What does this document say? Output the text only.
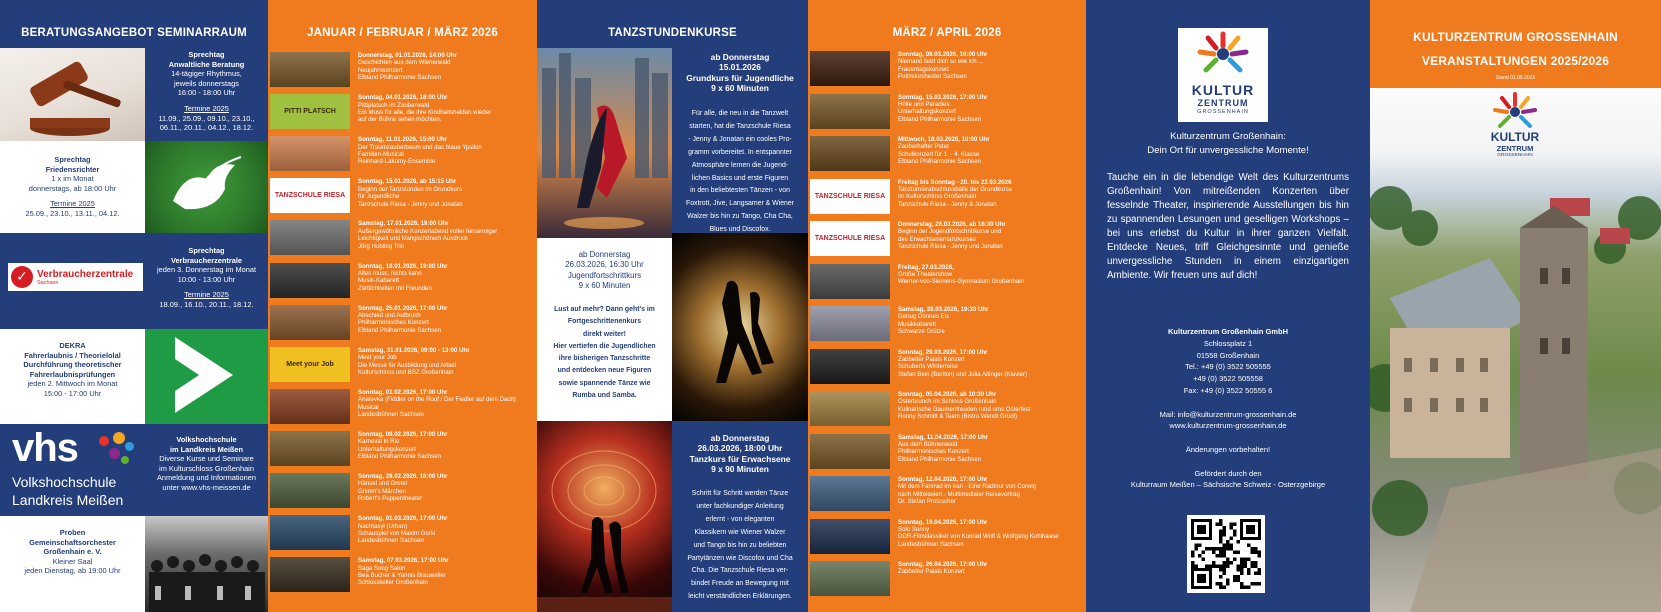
BERATUNGSANGEBOT SEMINARRAUM
Sprechtag
Anwaltliche Beratung
14-tägiger Rhythmus,
jeweils donnerstags
16:00 - 18:00 Uhr
Termine 2025
11.09., 25.09., 09.10., 23.10.,
06.11., 20.11., 04.12., 18.12.
Sprechtag
Friedensrichter
1 x im Monat
donnerstags, ab 18:00 Uhr
Termine 2025
25.09., 23.10., 13.11., 04.12.
✓ Verbraucherzentrale
Sachsen
Sprechtag
Verbraucherzentrale
jeden 3. Donnerstag im Monat
10:00 - 13:00 Uhr
Termine 2025
18.09., 16.10., 20.11., 18.12.
DEKRA
Fahrerlaubnis / Theorielolal
Durchführung theoretischer
Fahrerlaubnisprüfungen
jeden 2. Mittwoch im Monat
15:00 - 17:00 Uhr
vhs
Volkshochschule
Landkreis Meißen
Volkshochschule
im Landkreis Meißen
Diverse Kurse und Seminare
im Kulturschloss Großenhain
Anmeldung und Informationen
unter www.vhs-meissen.de
Proben
Gemeinschaftsorchester
Großenhain e. V.
Kleiner Saal
jeden Dienstag, ab 19:00 Uhr
JANUAR / FEBRUAR / MÄRZ 2026
Donnerstag, 01.01.2026, 14:00 Uhr
Geschichten aus dem Wienerwald
Neujahrskonzert
Elbland Philharmonie Sachsen
PITTI PLATSCH
Sonntag, 04.01.2026, 16:00 Uhr
Pittiplatsch im Zauberwald
Ein Muss für alle, die ihre Kindheitshelden wieder
auf der Bühne sehen möchten.
Sonntag, 11.01.2026, 15:00 Uhr
Der Traumzauberbaum und das blaue Ypsilon
Familien-Musical
Reinhard-Lakomy-Ensemble
TANZSCHULE RIESA
Sonntag, 15.01.2026, ab 15:15 Uhr
Beginn der Tanzstunden im Grundkurs
für Jugendliche
Tanzschule Riesa - Jenny und Jonatan
Samstag, 17.01.2026, 19:00 Uhr
Außergewöhnliche Konzertabend voller feinsinniger
Leichtigkeit und klangschönem Ausdruck
Jörg Hobling Trio
Sonntag, 18.01.2026, 19:00 Uhr
Alles muss, nichts kann
Musik-Kabarett
Zärtlichkeiten mit Freunden
Sonntag, 25.01.2026, 17:00 Uhr
Abschied und Aufbruch
Philharmonisches Konzert
Elbland Philharmonie Sachsen
Meet your Job
Samstag, 31.01.2026, 09:00 - 13:00 Uhr
Meet your Job
Die Messe für Ausbildung und Arbeit
Kulturschloss und BSZ Großenhain
Sonntag, 01.02.2026, 17:00 Uhr
Anatevka (Fiddler on the Roof / Der Fiedler auf dem Dach)
Musical
Landesbühnen Sachsen
Sonntag, 08.02.2026, 17:00 Uhr
Karneval in Rio
Unterhaltungskonzert
Elbland Philharmonie Sachsen
Sonntag, 28.02.2026, 16:00 Uhr
Hänsel und Gretel
Grimm's Märchen
Robert's Puppentheater
Sonntag, 01.03.2026, 17:00 Uhr
Nachtasyl (Urban)
Schauspiel von Maxim Gorki
Landesbühnen Sachsen
Samstag, 07.03.2026, 17:00 Uhr
Saga Song Salon
Bea Bucher & Yannis Brauweiler
Schlosskeller Großenhain
TANZSTUNDENKURSE
ab Donnerstag
15.01.2026
Grundkurs für Jugendliche
9 x 60 Minuten
Für alle, die neu in die Tanzwelt
starten, hat die Tanzschule Riesa
- Jenny & Jonatan ein cooles Pro-
gramm vorbereitet. In entspannter
Atmosphäre lernen die Jugend-
lichen Basics und erste Figuren
in den beliebtesten Tänzen - von
Foxtrott, Jive, Langsamer & Wiener
Walzer bis hin zu Tango, Cha Cha,
Blues und Discofox.
ab Donnerstag
26.03.2026, 16:30 Uhr
Jugendfortschrittkurs
9 x 60 Minuten
Lust auf mehr? Dann geht's im
Fortgeschrittenenkurs
direkt weiter!
Hier vertiefen die Jugendlichen
ihre bisherigen Tanzschritte
und entdecken neue Figuren
sowie spannende Tänze wie
Rumba und Samba.
ab Donnerstag
26.03.2026, 18:00 Uhr
Tanzkurs für Erwachsene
9 x 90 Minuten
Schritt für Schritt werden Tänze
unter fachkundiger Anleitung
erlernt - von eleganten
Klassikern wie Wiener Walzer
und Tango bis hin zu beliebten
Partytänzen wie Discofox und Cha
Cha. Die Tanzschule Riesa ver-
bindet Freude an Bewegung mit
leicht verständlichen Erklärungen.
MÄRZ / APRIL 2026
Sonntag, 08.03.2026, 16:00 Uhr
Niemand liebt dich so wie ich ...
Frauentagskonzert
Polizeiorchester Sachsen
Sonntag, 15.03.2026, 17:00 Uhr
Hölle und Paradies
Unterhaltungskonzert
Elbland Philharmonie Sachsen
Mittwoch, 18.03.2026, 10:00 Uhr
Zauberhafter Peter
Schulkonzert für 1. - 4. Klasse
Elbland Philharmonie Sachsen
TANZSCHULE RIESA
Freitag bis Sonntag - 20. bis 22.03.2026
Tanzturnierabschlussbälle der Grundkurse
im Kulturschloss Großenhain
Tanzschule Riesa - Jenny & Jonatan
TANZSCHULE RIESA
Donnerstag, 26.03.2026, ab 16:30 Uhr
Beginn der Jugendfortschrittkurse und
des Erwachsenentanzkurses
Tanzschule Riesa - Jenny und Jonatan
Freitag, 27.03.2026,
Große Theatershow
Werner-von-Siemens-Gymnasium Großenhain
Samstag, 28.03.2026, 19:30 Uhr
Genug Dünnes Eis
Musikkabarett
Schwarze Grütze
Sonntag, 29.03.2026, 17:00 Uhr
Zabbelter Palais Konzert
Schuberts Winterreise
Stefan Bein (Bariton) und Julia Aitinger (Klavier)
Sonntag, 05.04.2026, ab 10:30 Uhr
Osterbrunch im Schloss Großenhain
Kulinarische Gaumenfreuden rund ums Osterfest
Ronny Schmitt & Team (Bistro Wendt Grüdi)
Samstag, 11.04.2026, 17:00 Uhr
Aus dem Bühnenwald
Philharmonisches Konzert
Elbland Philharmonie Sachsen
Sonntag, 12.04.2026, 17:00 Uhr
Mit dem Fahrrad im Iran - Eine Radtour von Corwig
nach Mittelasien - Multimedialer Reisevortrag
Dr. Stefan Protzscher
Sonntag, 19.04.2026, 17:00 Uhr
Solo Sunny
DDR-Filmklassiker von Konrad Wolf & Wolfgang Kohlhaase
Landesbühnen Sachsen
Sonntag, 26.04.2026, 17:00 Uhr
Zabbelter Palais Konzert
KULTUR
ZENTRUM
GROSSENHAIN
Kulturzentrum Großenhain:
Dein Ort für unvergessliche Momente!
Tauche ein in die lebendige Welt des Kulturzentrums Großenhain! Von mitreißenden Konzerten über fesselnde Theater, inspirierende Ausstellungen bis hin zu spannenden Lesungen und geselligen Workshops – bei uns erlebst du Kultur in ihrer ganzen Vielfalt. Entdecke Neues, triff Gleichgesinnte und genieße unvergessliche Stunden in einem einzigartigen Ambiente. Wir freuen uns auf dich!
Kulturzentrum Großenhain GmbH
Schlossplatz 1
01558 Großenhain
Tel.: +49 (0) 3522 505555
+49 (0) 3522 505558
Fax: +49 (0) 3522 50555 6
Mail: info@kulturzentrum-grossenhain.de
www.kulturzentrum-grossenhain.de
Änderungen vorbehalten!
Gefördert durch den
Kulturraum Meißen – Sächsische Schweiz - Osterzgebirge
KULTURZENTRUM GROSSENHAIN
VERANSTALTUNGEN 2025/2026
Stand 01.09.2025
KULTUR
ZENTRUM
GROSSENHAIN
